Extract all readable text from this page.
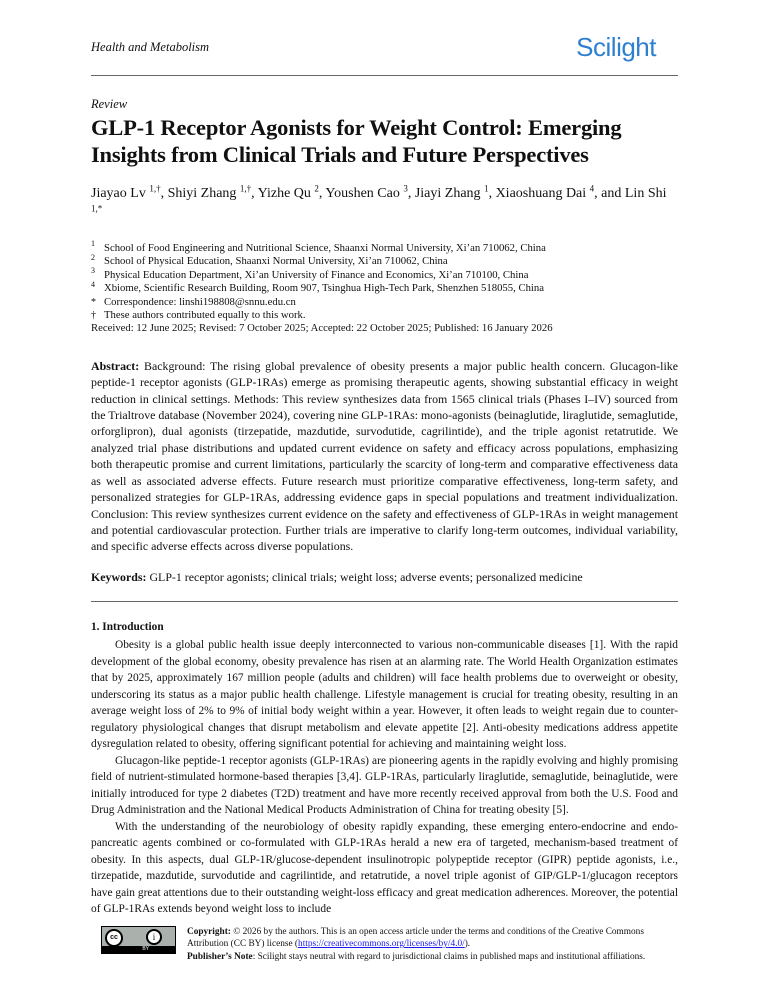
Health and Metabolism	Scilight
Review
GLP-1 Receptor Agonists for Weight Control: Emerging Insights from Clinical Trials and Future Perspectives
Jiayao Lv $^{1,\dagger}$, Shiyi Zhang $^{1,\dagger}$, Yizhe Qu $^2$, Youshen Cao $^3$, Jiayi Zhang $^1$, Xiaoshuang Dai $^4$, and Lin Shi $^{1,*}$
$^1$ School of Food Engineering and Nutritional Science, Shaanxi Normal University, Xi’an 710062, China
$^2$ School of Physical Education, Shaanxi Normal University, Xi’an 710062, China
$^3$ Physical Education Department, Xi’an University of Finance and Economics, Xi’an 710100, China
$^4$ Xbiome, Scientific Research Building, Room 907, Tsinghua High-Tech Park, Shenzhen 518055, China
* Correspondence: linshi198808@snnu.edu.cn
† These authors contributed equally to this work.
Received: 12 June 2025; Revised: 7 October 2025; Accepted: 22 October 2025; Published: 16 January 2026
Abstract: Background: The rising global prevalence of obesity presents a major public health concern. Glucagon-like peptide-1 receptor agonists (GLP-1RAs) emerge as promising therapeutic agents, showing substantial efficacy in weight reduction in clinical settings. Methods: This review synthesizes data from 1565 clinical trials (Phases I–IV) sourced from the Trialtrove database (November 2024), covering nine GLP-1RAs: mono-agonists (beinaglutide, liraglutide, semaglutide, orforglipron), dual agonists (tirzepatide, mazdutide, survodutide, cagrilintide), and the triple agonist retatrutide. We analyzed trial phase distributions and updated current evidence on safety and efficacy across populations, emphasizing both therapeutic promise and current limitations, particularly the scarcity of long-term and comparative effectiveness data as well as associated adverse effects. Future research must prioritize comparative effectiveness, long-term safety, and personalized strategies for GLP-1RAs, addressing evidence gaps in special populations and treatment individualization. Conclusion: This review synthesizes current evidence on the safety and effectiveness of GLP-1RAs in weight management and potential cardiovascular protection. Further trials are imperative to clarify long-term outcomes, individual variability, and specific adverse effects across diverse populations.
Keywords: GLP-1 receptor agonists; clinical trials; weight loss; adverse events; personalized medicine
1. Introduction

Obesity is a global public health issue deeply interconnected to various non-communicable diseases [1]. With the rapid development of the global economy, obesity prevalence has risen at an alarming rate. The World Health Organization estimates that by 2025, approximately 167 million people (adults and children) will face health problems due to overweight or obesity, underscoring its status as a major public health challenge. Lifestyle management is crucial for treating obesity, resulting in an average weight loss of 2% to 9% of initial body weight within a year. However, it often leads to weight regain due to counter-regulatory physiological changes that disrupt metabolism and elevate appetite [2]. Anti-obesity medications address appetite dysregulation related to obesity, offering significant potential for achieving and maintaining weight loss.

Glucagon-like peptide-1 receptor agonists (GLP-1RAs) are pioneering agents in the rapidly evolving and highly promising field of nutrient-stimulated hormone-based therapies [3,4]. GLP-1RAs, particularly liraglutide, semaglutide, beinaglutide, were initially introduced for type 2 diabetes (T2D) treatment and have more recently received approval from both the U.S. Food and Drug Administration and the National Medical Products Administration of China for treating obesity [5].

With the understanding of the neurobiology of obesity rapidly expanding, these emerging entero-endocrine and endo-pancreatic agents combined or co-formulated with GLP-1RAs herald a new era of targeted, mechanism-based treatment of obesity. In this aspects, dual GLP-1R/glucose-dependent insulinotropic polypeptide receptor (GIPR) peptide agonists, i.e., tirzepatide, mazdutide, survodutide and cagrilintide, and retatrutide, a novel triple agonist of GIP/GLP-1/glucagon receptors have gain great attentions due to their outstanding weight-loss efficacy and great medication adherences. Moreover, the potential of GLP-1RAs extends beyond weight loss to include

cc	i
BY
Copyright: © 2026 by the authors. This is an open access article under the terms and conditions of the Creative Commons Attribution (CC BY) license (https://creativecommons.org/licenses/by/4.0/).
Publisher’s Note: Scilight stays neutral with regard to jurisdictional claims in published maps and institutional affiliations.
